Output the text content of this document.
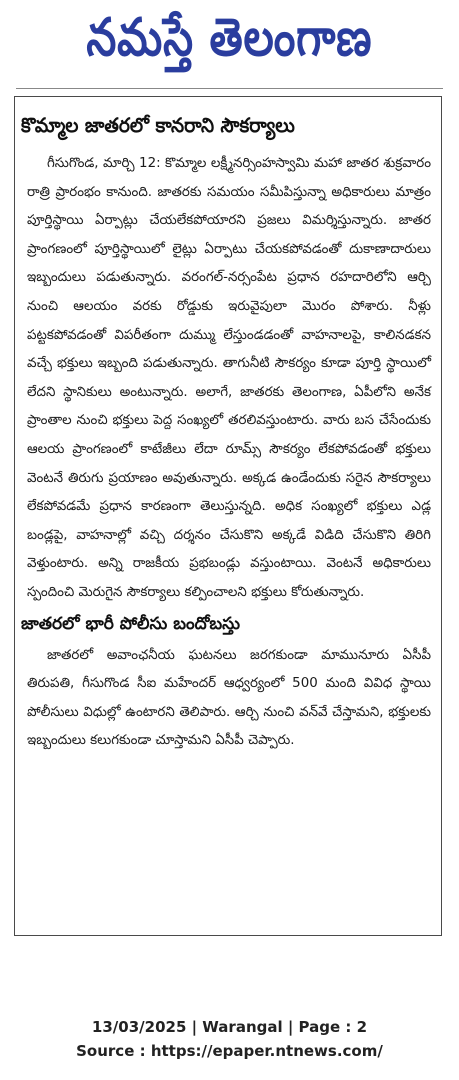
నమస్తే తెలంగాణ
కొమ్మాల జాతరలో కానరాని సౌకర్యాలు
గీసుగొండ, మార్చి 12: కొమ్మాల లక్ష్మీనర్సింహస్వామి మహా జాతర శుక్రవారం రాత్రి ప్రారంభం కానుంది. జాతరకు సమయం సమీపిస్తున్నా అధికారులు మాత్రం పూర్తిస్థాయి ఏర్పాట్లు చేయలేకపోయారని ప్రజలు విమర్శిస్తున్నారు. జాతర ప్రాంగణంలో పూర్తిస్థాయిలో లైట్లు ఏర్పాటు చేయకపోవడంతో దుకాణాదారులు ఇబ్బందులు పడుతున్నారు. వరంగల్-నర్సంపేట ప్రధాన రహదారిలోని ఆర్చి నుంచి ఆలయం వరకు రోడ్డుకు ఇరువైపులా మొరం పోశారు. నీళ్లు పట్టకపోవడంతో విపరీతంగా దుమ్ము లేస్తుండడంతో వాహనాలపై, కాలినడకన వచ్చే భక్తులు ఇబ్బంది పడుతున్నారు. తాగునీటి సౌకర్యం కూడా పూర్తి స్థాయిలో లేదని స్థానికులు అంటున్నారు. అలాగే, జాతరకు తెలంగాణ, ఏపీలోని అనేక ప్రాంతాల నుంచి భక్తులు పెద్ద సంఖ్యలో తరలివస్తుంటారు. వారు బస చేసేందుకు ఆలయ ప్రాంగణంలో కాటేజీలు లేదా రూమ్స్ సౌకర్యం లేకపోవడంతో భక్తులు వెంటనే తిరుగు ప్రయాణం అవుతున్నారు. అక్కడ ఉండేందుకు సరైన సౌకర్యాలు లేకపోవడమే ప్రధాన కారణంగా తెలుస్తున్నది. అధిక సంఖ్యలో భక్తులు ఎడ్ల బండ్లపై, వాహనాల్లో వచ్చి దర్శనం చేసుకొని అక్కడే విడిది చేసుకొని తిరిగి వెళ్తుంటారు. అన్ని రాజకీయ ప్రభబండ్లు వస్తుంటాయి. వెంటనే అధికారులు స్పందించి మెరుగైన సౌకర్యాలు కల్పించాలని భక్తులు కోరుతున్నారు.
జాతరలో భారీ పోలీసు బందోబస్తు
జాతరలో అవాంఛనీయ ఘటనలు జరగకుండా మామునూరు ఏసీపీ తిరుపతి, గీసుగొండ సీఐ మహేందర్ ఆధ్వర్యంలో 500 మంది వివిధ స్థాయి పోలీసులు విధుల్లో ఉంటారని తెలిపారు. ఆర్చి నుంచి వన్‌వే చేస్తామని, భక్తులకు ఇబ్బందులు కలుగకుండా చూస్తామని ఏసీపీ చెప్పారు.
13/03/2025 | Warangal | Page : 2
Source : https://epaper.ntnews.com/
